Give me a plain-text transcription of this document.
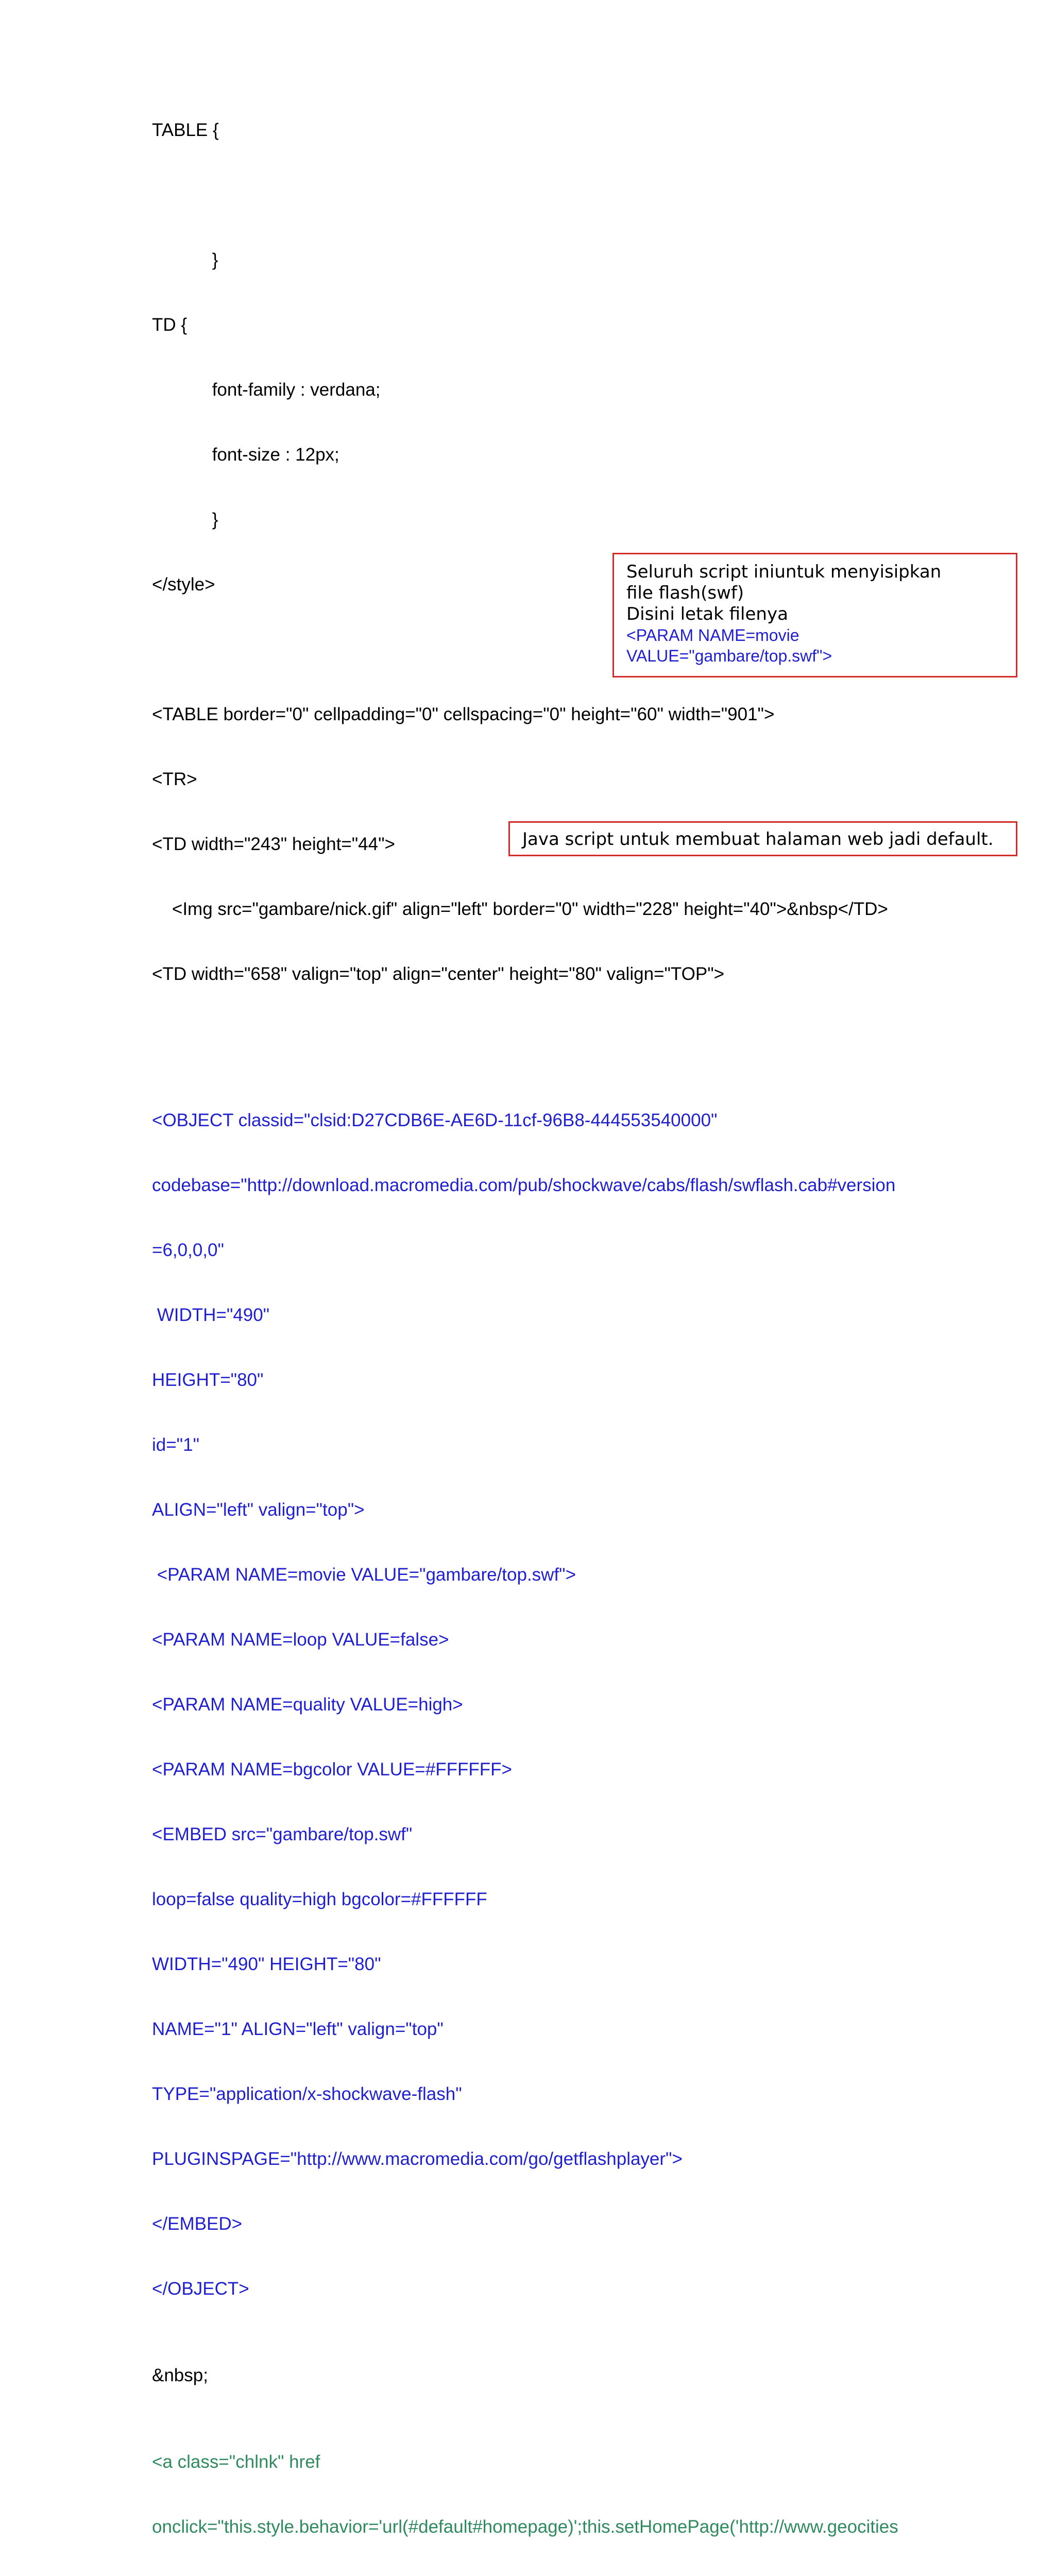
TABLE {

}

TD {

font-family : verdana;

font-size : 12px;

}

</style>

<TABLE border="0" cellpadding="0" cellspacing="0" height="60" width="901">

<TR>

<TD width="243" height="44">

<Img src="gambare/nick.gif" align="left" border="0" width="228" height="40">&nbsp</TD>

<TD width="658" valign="top" align="center" height="80" valign="TOP">

<OBJECT classid="clsid:D27CDB6E-AE6D-11cf-96B8-444553540000"

codebase="http://download.macromedia.com/pub/shockwave/cabs/flash/swflash.cab#version

=6,0,0,0"

WIDTH="490"

HEIGHT="80"

id="1"

ALIGN="left" valign="top">

<PARAM NAME=movie VALUE="gambare/top.swf">

<PARAM NAME=loop VALUE=false>

<PARAM NAME=quality VALUE=high>

<PARAM NAME=bgcolor VALUE=#FFFFFF>

<EMBED src="gambare/top.swf"

loop=false quality=high bgcolor=#FFFFFF

WIDTH="490" HEIGHT="80"

NAME="1" ALIGN="left" valign="top"

TYPE="application/x-shockwave-flash"

PLUGINSPAGE="http://www.macromedia.com/go/getflashplayer">

</EMBED>

</OBJECT>

&nbsp;

<a class="chlnk" href

onclick="this.style.behavior='url(#default#homepage)';this.setHomePage('http://www.geocities

Seluruh script iniuntuk menyisipkan
file flash(swf)
Disini letak filenya
<PARAM NAME=movie
VALUE="gambare/top.swf">
Java script untuk membuat halaman web jadi default.
